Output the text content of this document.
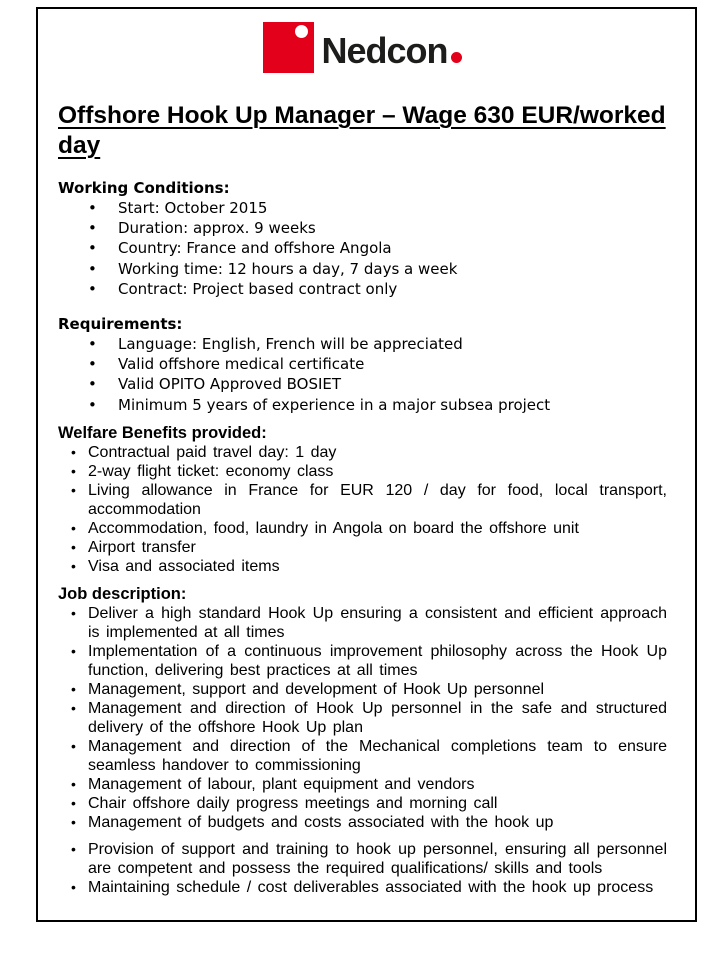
Nedcon
Offshore Hook Up Manager – Wage 630 EUR/worked
day
Working Conditions:
• Start: October 2015
• Duration: approx. 9 weeks
• Country: France and offshore Angola
• Working time: 12 hours a day, 7 days a week
• Contract: Project based contract only
Requirements:
• Language: English, French will be appreciated
• Valid offshore medical certificate
• Valid OPITO Approved BOSIET
• Minimum 5 years of experience in a major subsea project
Welfare Benefits provided:
• Contractual paid travel day: 1 day
• 2-way flight ticket: economy class
• Living allowance in France for EUR 120 / day for food, local transport, accommodation
• Accommodation, food, laundry in Angola on board the offshore unit
• Airport transfer
• Visa and associated items
Job description:
• Deliver a high standard Hook Up ensuring a consistent and efficient approach is implemented at all times
• Implementation of a continuous improvement philosophy across the Hook Up function, delivering best practices at all times
• Management, support and development of Hook Up personnel
• Management and direction of Hook Up personnel in the safe and structured delivery of the offshore Hook Up plan
• Management and direction of the Mechanical completions team to ensure seamless handover to commissioning
• Management of labour, plant equipment and vendors
• Chair offshore daily progress meetings and morning call
• Management of budgets and costs associated with the hook up
• Provision of support and training to hook up personnel, ensuring all personnel are competent and possess the required qualifications/ skills and tools
• Maintaining schedule / cost deliverables associated with the hook up process
